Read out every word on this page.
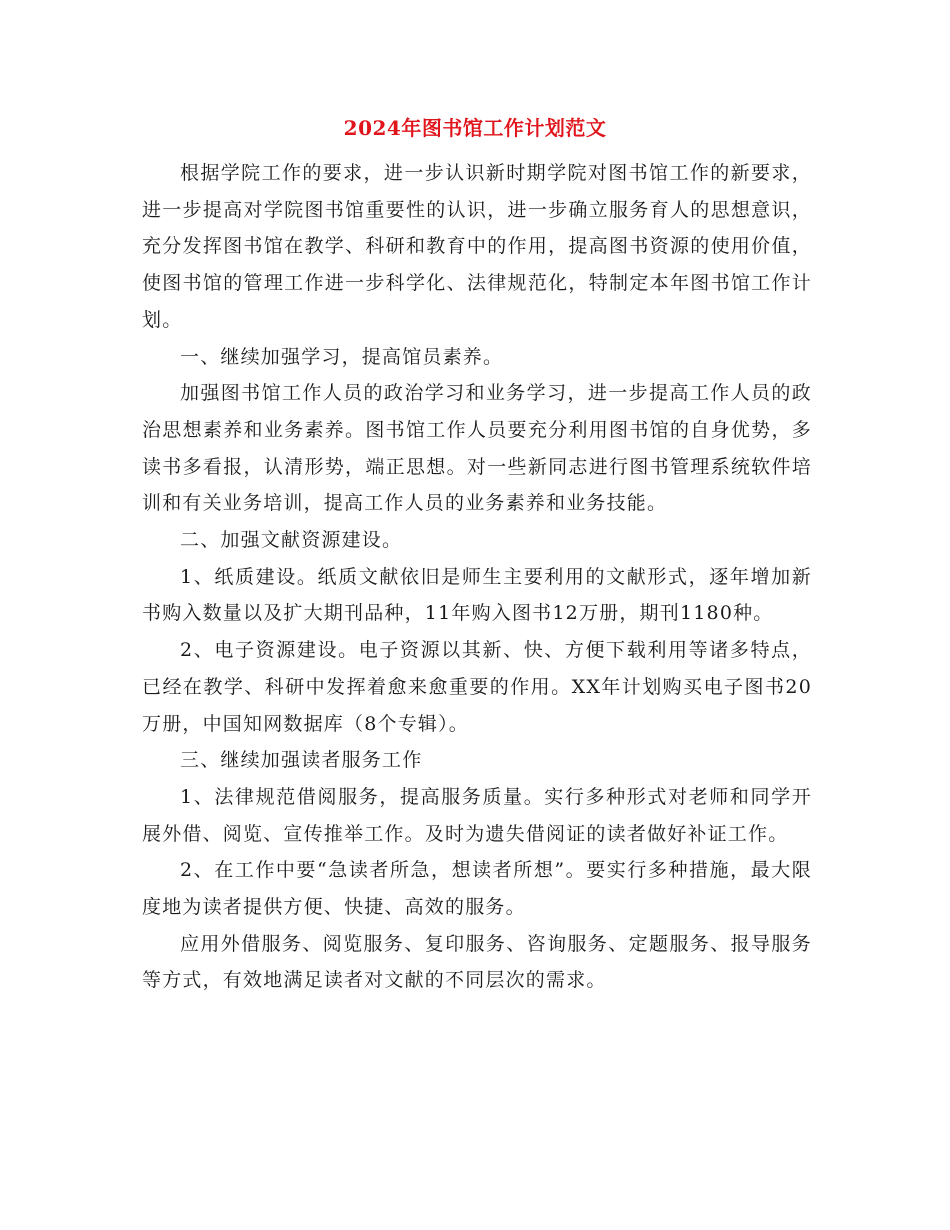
2024年图书馆工作计划范文

根据学院工作的要求，进一步认识新时期学院对图书馆工作的新要求，进一步提高对学院图书馆重要性的认识，进一步确立服务育人的思想意识，充分发挥图书馆在教学、科研和教育中的作用，提高图书资源的使用价值，使图书馆的管理工作进一步科学化、法律规范化，特制定本年图书馆工作计划。

一、继续加强学习，提高馆员素养。

加强图书馆工作人员的政治学习和业务学习，进一步提高工作人员的政治思想素养和业务素养。图书馆工作人员要充分利用图书馆的自身优势，多读书多看报，认清形势，端正思想。对一些新同志进行图书管理系统软件培训和有关业务培训，提高工作人员的业务素养和业务技能。

二、加强文献资源建设。

1、纸质建设。纸质文献依旧是师生主要利用的文献形式，逐年增加新书购入数量以及扩大期刊品种，11年购入图书12万册，期刊1180种。

2、电子资源建设。电子资源以其新、快、方便下载利用等诸多特点，已经在教学、科研中发挥着愈来愈重要的作用。XX年计划购买电子图书20万册，中国知网数据库（8个专辑）。

三、继续加强读者服务工作

1、法律规范借阅服务，提高服务质量。实行多种形式对老师和同学开展外借、阅览、宣传推举工作。及时为遗失借阅证的读者做好补证工作。

2、在工作中要“急读者所急，想读者所想”。要实行多种措施，最大限度地为读者提供方便、快捷、高效的服务。

应用外借服务、阅览服务、复印服务、咨询服务、定题服务、报导服务等方式，有效地满足读者对文献的不同层次的需求。
